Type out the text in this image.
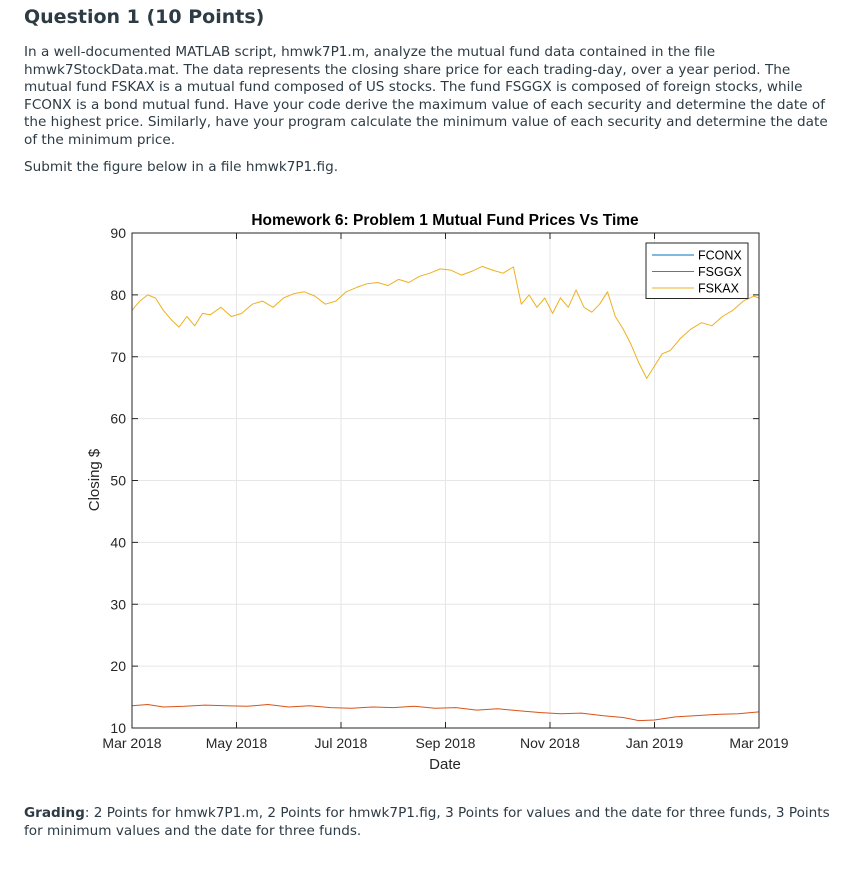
Question 1 (10 Points)

In a well-documented MATLAB script, hmwk7P1.m, analyze the mutual fund data contained in the file hmwk7StockData.mat. The data represents the closing share price for each trading-day, over a year period. The mutual fund FSKAX is a mutual fund composed of US stocks. The fund FSGGX is composed of foreign stocks, while FCONX is a bond mutual fund. Have your code derive the maximum value of each security and determine the date of the highest price. Similarly, have your program calculate the minimum value of each security and determine the date of the minimum price.

Submit the figure below in a file hmwk7P1.fig.

10
20
30
40
50
60
70
80
90
Mar 2018	May 2018	Jul 2018	Sep 2018	Nov 2018	Jan 2019	Mar 2019
Homework 6: Problem 1 Mutual Fund Prices Vs Time
Date
Closing $
FCONX
FSGGX
FSKAX

Grading: 2 Points for hmwk7P1.m, 2 Points for hmwk7P1.fig, 3 Points for values and the date for three funds, 3 Points for minimum values and the date for three funds.
